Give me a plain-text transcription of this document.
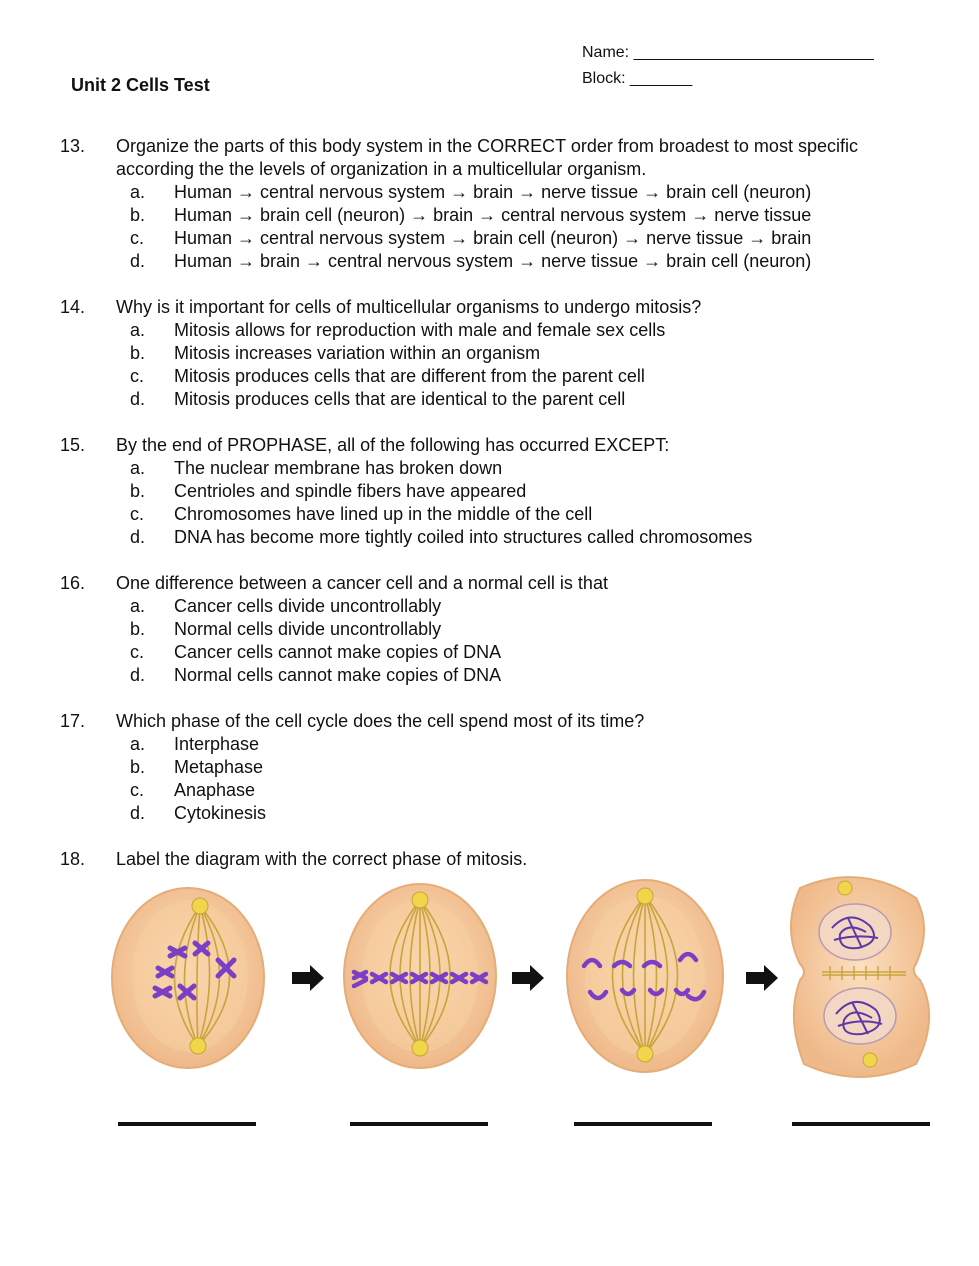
Unit 2 Cells Test
Name: ___________________________
Block: _______
13.	Organize the parts of this body system in the CORRECT order from broadest to most specific according the the levels of organization in a multicellular organism.
a.	Human → central nervous system → brain → nerve tissue → brain cell (neuron)
b.	Human → brain cell (neuron) → brain → central nervous system → nerve tissue
c.	Human → central nervous system → brain cell (neuron) → nerve tissue → brain
d.	Human → brain → central nervous system → nerve tissue → brain cell (neuron)
14.	Why is it important for cells of multicellular organisms to undergo mitosis?
a.	Mitosis allows for reproduction with male and female sex cells
b.	Mitosis increases variation within an organism
c.	Mitosis produces cells that are different from the parent cell
d.	Mitosis produces cells that are identical to the parent cell
15.	By the end of PROPHASE, all of the following has occurred EXCEPT:
a.	The nuclear membrane has broken down
b.	Centrioles and spindle fibers have appeared
c.	Chromosomes have lined up in the middle of the cell
d.	DNA has become more tightly coiled into structures called chromosomes
16.	One difference between a cancer cell and a normal cell is that
a.	Cancer cells divide uncontrollably
b.	Normal cells divide uncontrollably
c.	Cancer cells cannot make copies of DNA
d.	Normal cells cannot make copies of DNA
17.	Which phase of the cell cycle does the cell spend most of its time?
a.	Interphase
b.	Metaphase
c.	Anaphase
d.	Cytokinesis
18.	Label the diagram with the correct phase of mitosis.
